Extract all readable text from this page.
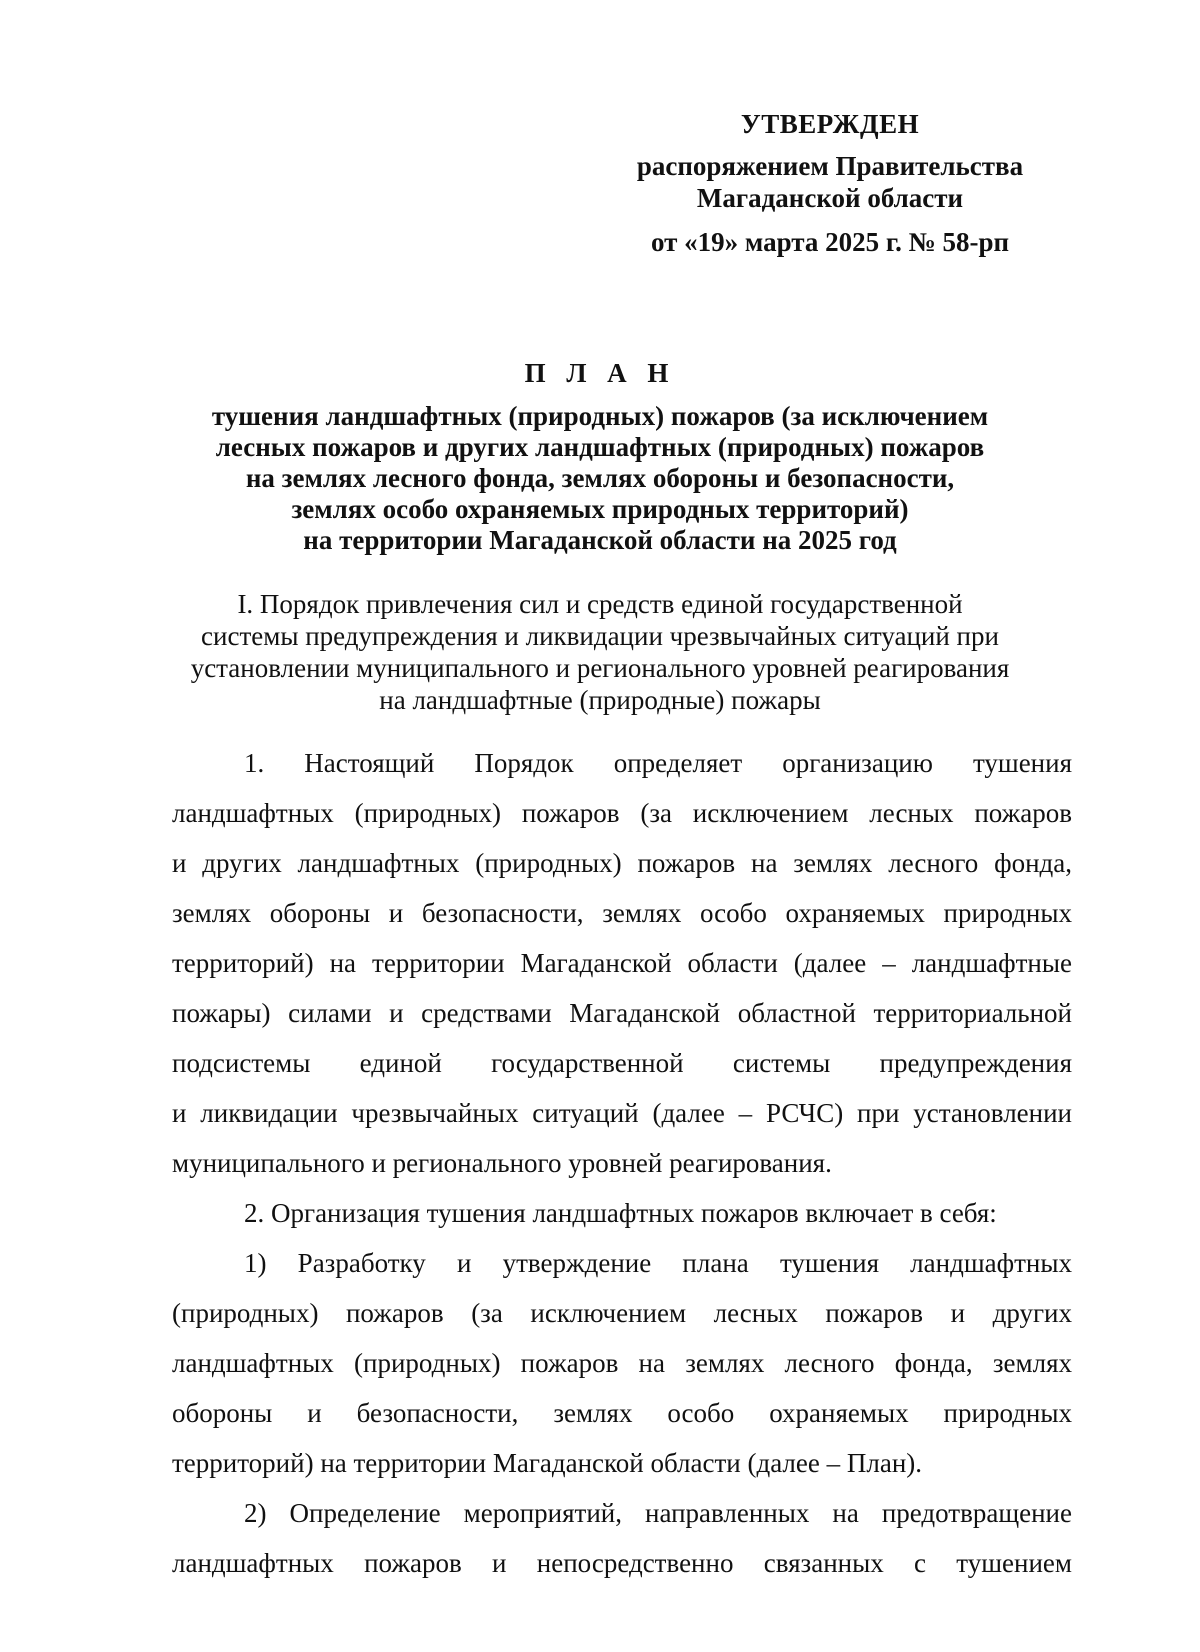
УТВЕРЖДЕН
распоряжением Правительства
Магаданской области
от «19» марта 2025 г. № 58-рп
П Л А Н
тушения ландшафтных (природных) пожаров (за исключением
лесных пожаров и других ландшафтных (природных) пожаров
на землях лесного фонда, землях обороны и безопасности,
землях особо охраняемых природных территорий)
на территории Магаданской области на 2025 год
I. Порядок привлечения сил и средств единой государственной
системы предупреждения и ликвидации чрезвычайных ситуаций при
установлении муниципального и регионального уровней реагирования
на ландшафтные (природные) пожары
1. Настоящий Порядок определяет организацию тушения
ландшафтных (природных) пожаров (за исключением лесных пожаров
и других ландшафтных (природных) пожаров на землях лесного фонда,
землях обороны и безопасности, землях особо охраняемых природных
территорий) на территории Магаданской области (далее – ландшафтные
пожары) силами и средствами Магаданской областной территориальной
подсистемы единой государственной системы предупреждения
и ликвидации чрезвычайных ситуаций (далее – РСЧС) при установлении
муниципального и регионального уровней реагирования.
2. Организация тушения ландшафтных пожаров включает в себя:
1) Разработку и утверждение плана тушения ландшафтных
(природных) пожаров (за исключением лесных пожаров и других
ландшафтных (природных) пожаров на землях лесного фонда, землях
обороны и безопасности, землях особо охраняемых природных
территорий) на территории Магаданской области (далее – План).
2) Определение мероприятий, направленных на предотвращение
ландшафтных пожаров и непосредственно связанных с тушением
